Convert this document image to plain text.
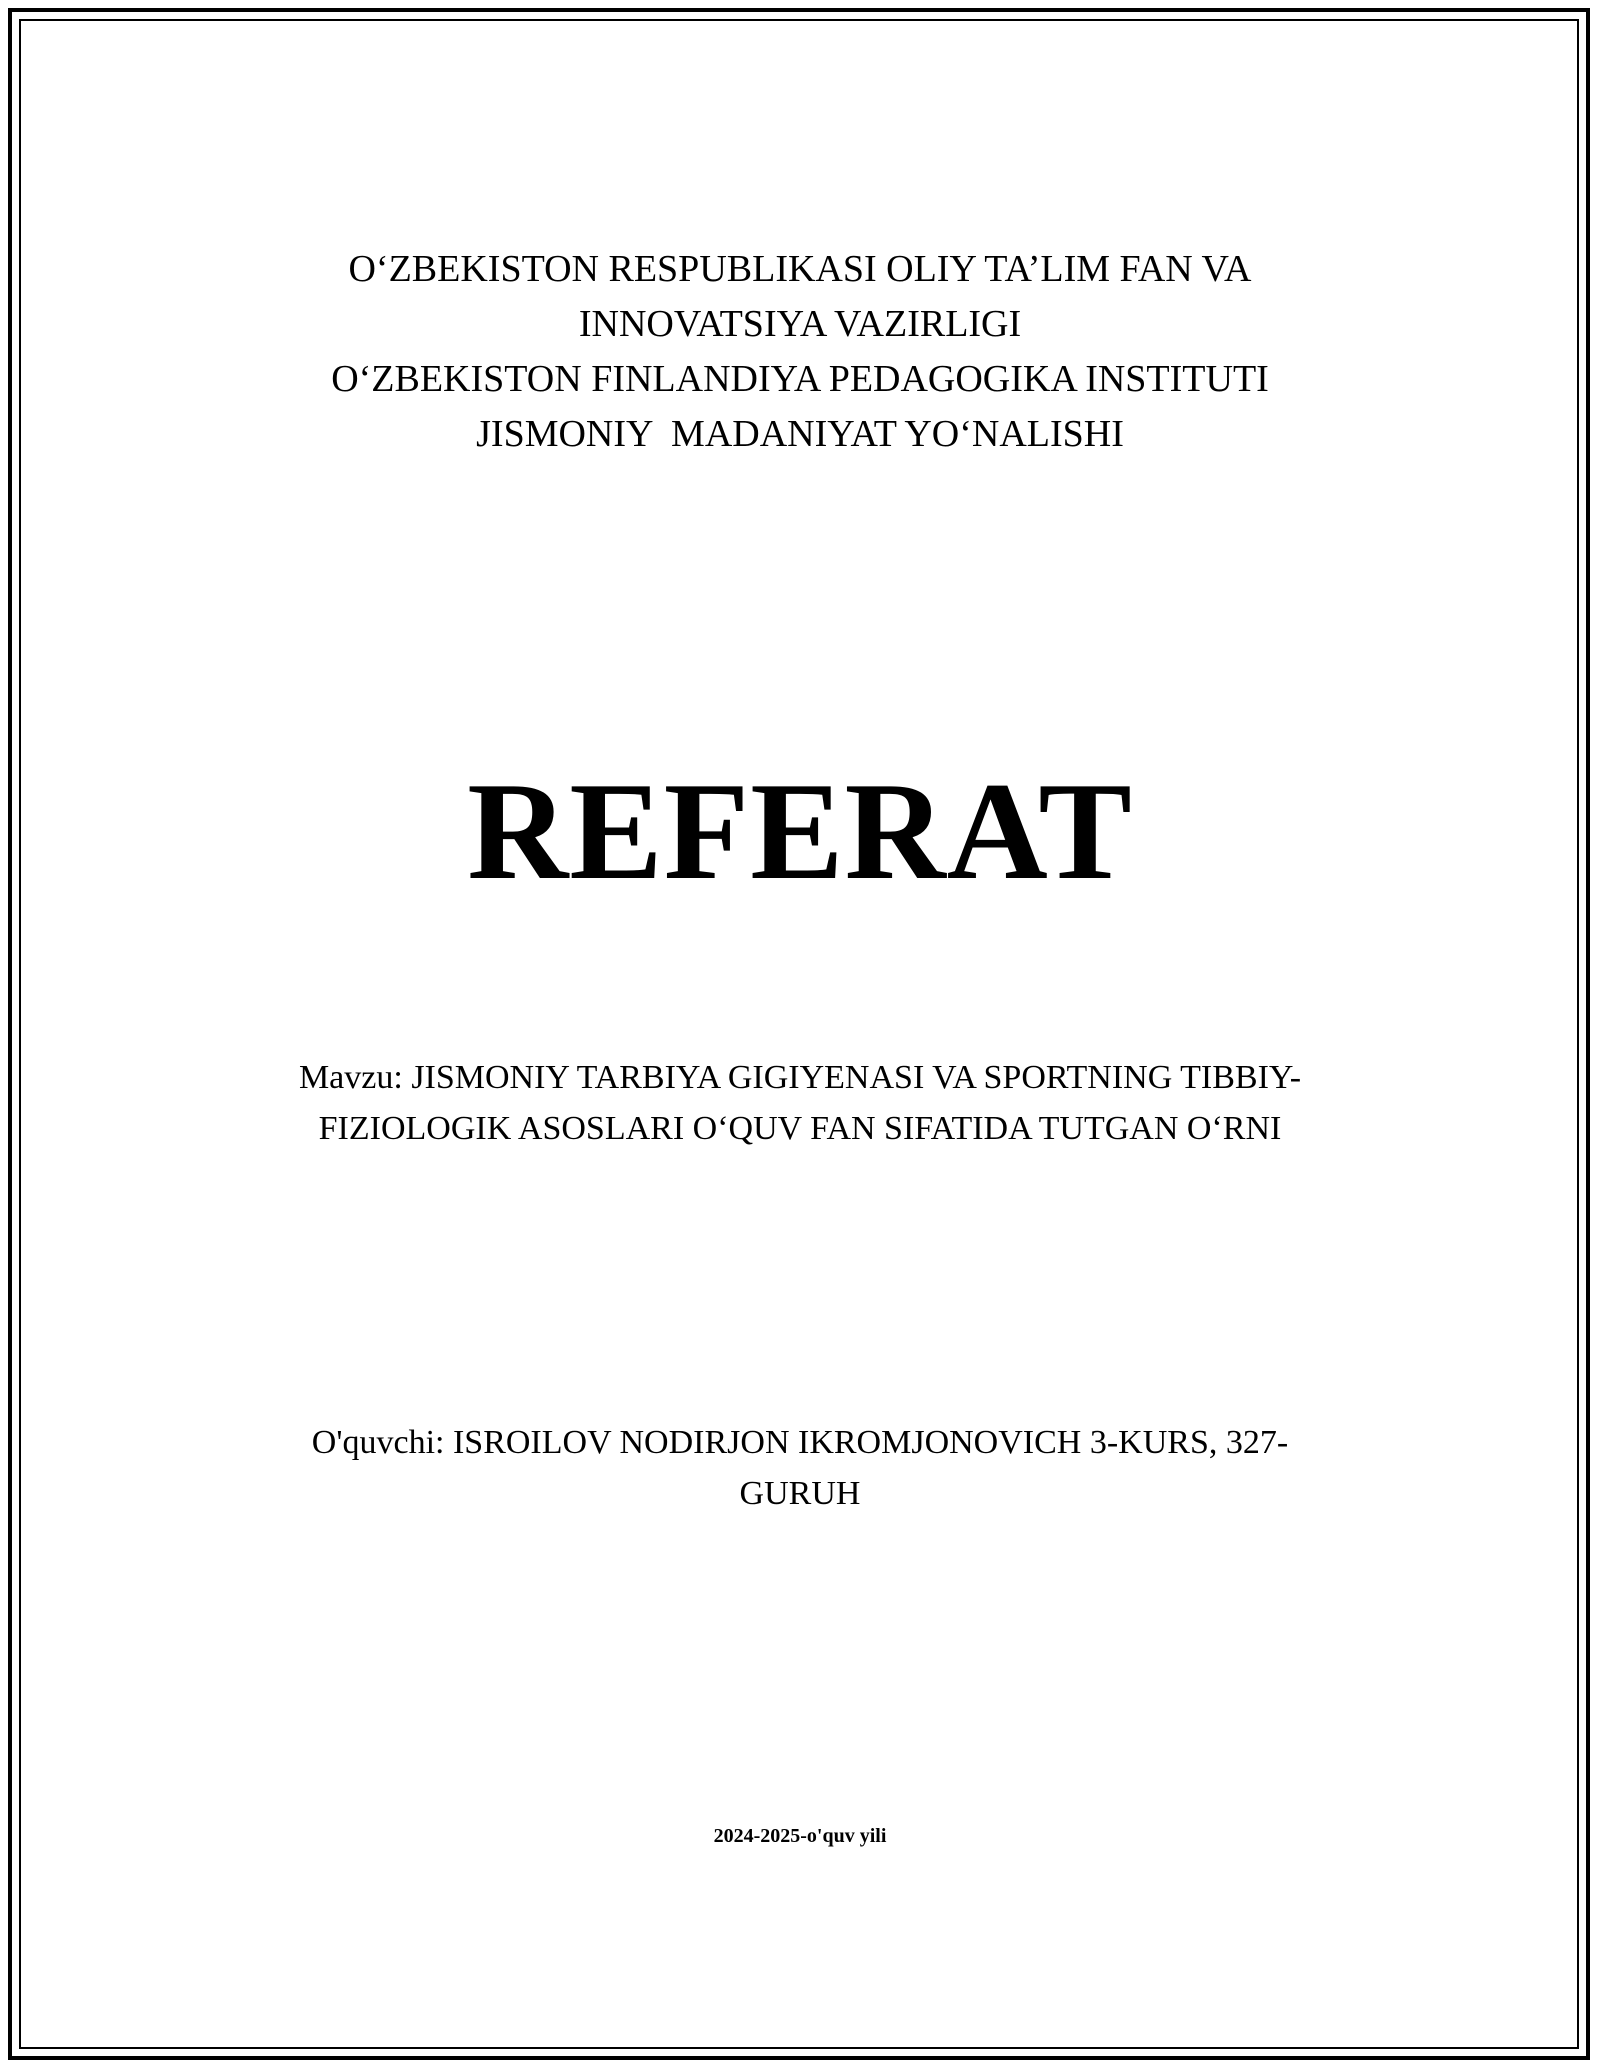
O‘ZBEKISTON RESPUBLIKASI OLIY TA’LIM FAN VA
INNOVATSIYA VAZIRLIGI
O‘ZBEKISTON FINLANDIYA PEDAGOGIKA INSTITUTI
JISMONIY  MADANIYAT YO‘NALISHI
REFERAT
Mavzu: JISMONIY TARBIYA GIGIYENASI VA SPORTNING TIBBIY-
FIZIOLOGIK ASOSLARI O‘QUV FAN SIFATIDA TUTGAN O‘RNI
O'quvchi: ISROILOV NODIRJON IKROMJONOVICH 3-KURS, 327-
GURUH
2024-2025-o'quv yili
